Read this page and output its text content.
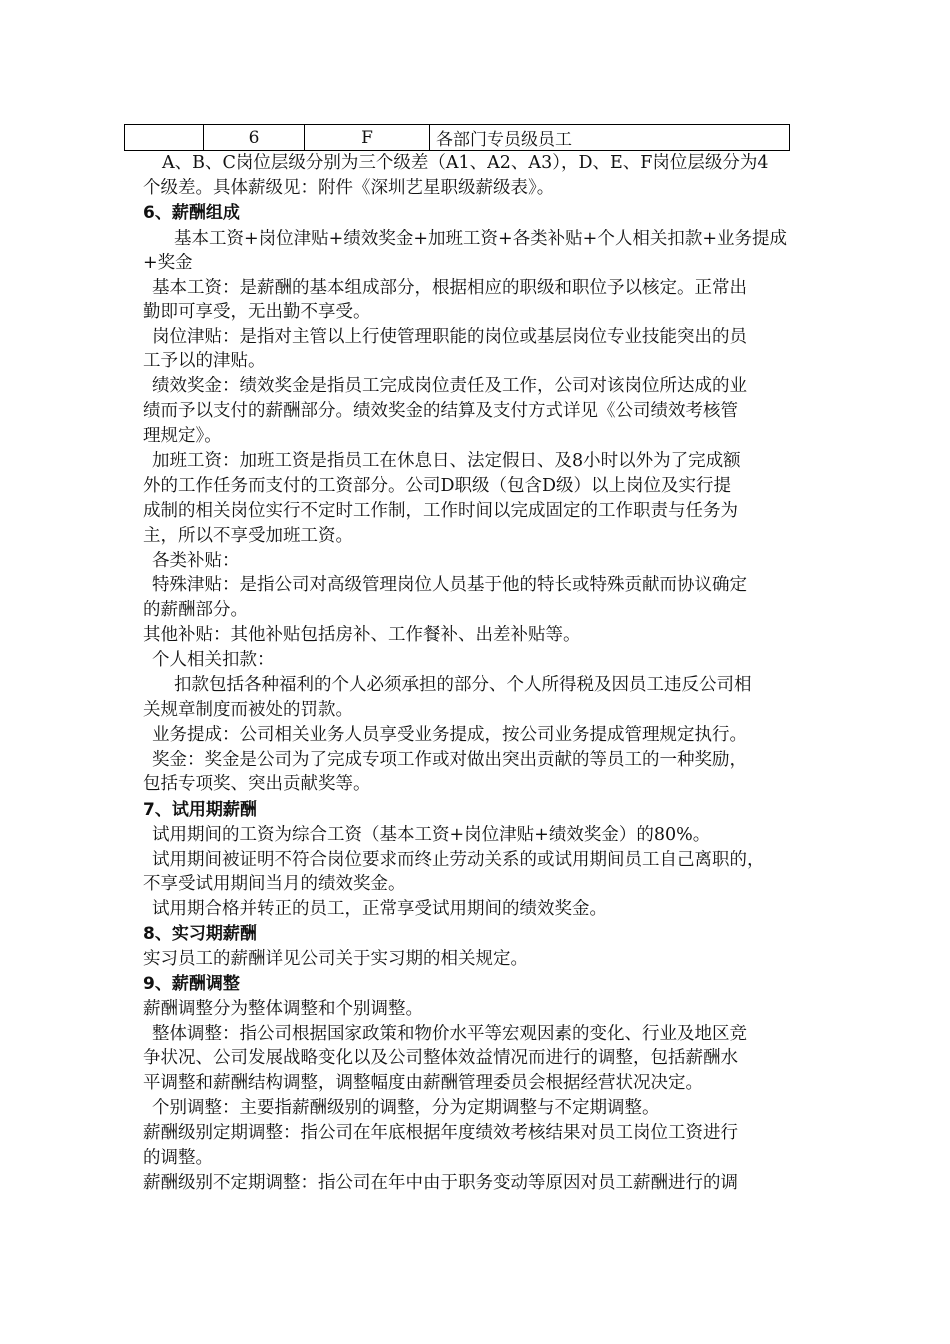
	6	F	各部门专员级员工
A、B、C岗位层级分别为三个级差（A1、A2、A3），D、E、F岗位层级分为4
个级差。具体薪级见：附件《深圳艺星职级薪级表》。
6、薪酬组成
基本工资+岗位津贴+绩效奖金+加班工资+各类补贴+个人相关扣款+业务提成
+奖金
基本工资：是薪酬的基本组成部分，根据相应的职级和职位予以核定。正常出
勤即可享受，无出勤不享受。
岗位津贴：是指对主管以上行使管理职能的岗位或基层岗位专业技能突出的员
工予以的津贴。
绩效奖金：绩效奖金是指员工完成岗位责任及工作，公司对该岗位所达成的业
绩而予以支付的薪酬部分。绩效奖金的结算及支付方式详见《公司绩效考核管
理规定》。
加班工资：加班工资是指员工在休息日、法定假日、及8小时以外为了完成额
外的工作任务而支付的工资部分。公司D职级（包含D级）以上岗位及实行提
成制的相关岗位实行不定时工作制，工作时间以完成固定的工作职责与任务为
主，所以不享受加班工资。
各类补贴：
特殊津贴：是指公司对高级管理岗位人员基于他的特长或特殊贡献而协议确定
的薪酬部分。
其他补贴：其他补贴包括房补、工作餐补、出差补贴等。
个人相关扣款：
扣款包括各种福利的个人必须承担的部分、个人所得税及因员工违反公司相
关规章制度而被处的罚款。
业务提成：公司相关业务人员享受业务提成，按公司业务提成管理规定执行。
奖金：奖金是公司为了完成专项工作或对做出突出贡献的等员工的一种奖励，
包括专项奖、突出贡献奖等。
7、试用期薪酬
试用期间的工资为综合工资（基本工资+岗位津贴+绩效奖金）的80%。
试用期间被证明不符合岗位要求而终止劳动关系的或试用期间员工自己离职的，
不享受试用期间当月的绩效奖金。
试用期合格并转正的员工，正常享受试用期间的绩效奖金。
8、实习期薪酬
实习员工的薪酬详见公司关于实习期的相关规定。
9、薪酬调整
薪酬调整分为整体调整和个别调整。
整体调整：指公司根据国家政策和物价水平等宏观因素的变化、行业及地区竞
争状况、公司发展战略变化以及公司整体效益情况而进行的调整，包括薪酬水
平调整和薪酬结构调整，调整幅度由薪酬管理委员会根据经营状况决定。
个别调整：主要指薪酬级别的调整，分为定期调整与不定期调整。
薪酬级别定期调整：指公司在年底根据年度绩效考核结果对员工岗位工资进行
的调整。
薪酬级别不定期调整：指公司在年中由于职务变动等原因对员工薪酬进行的调
